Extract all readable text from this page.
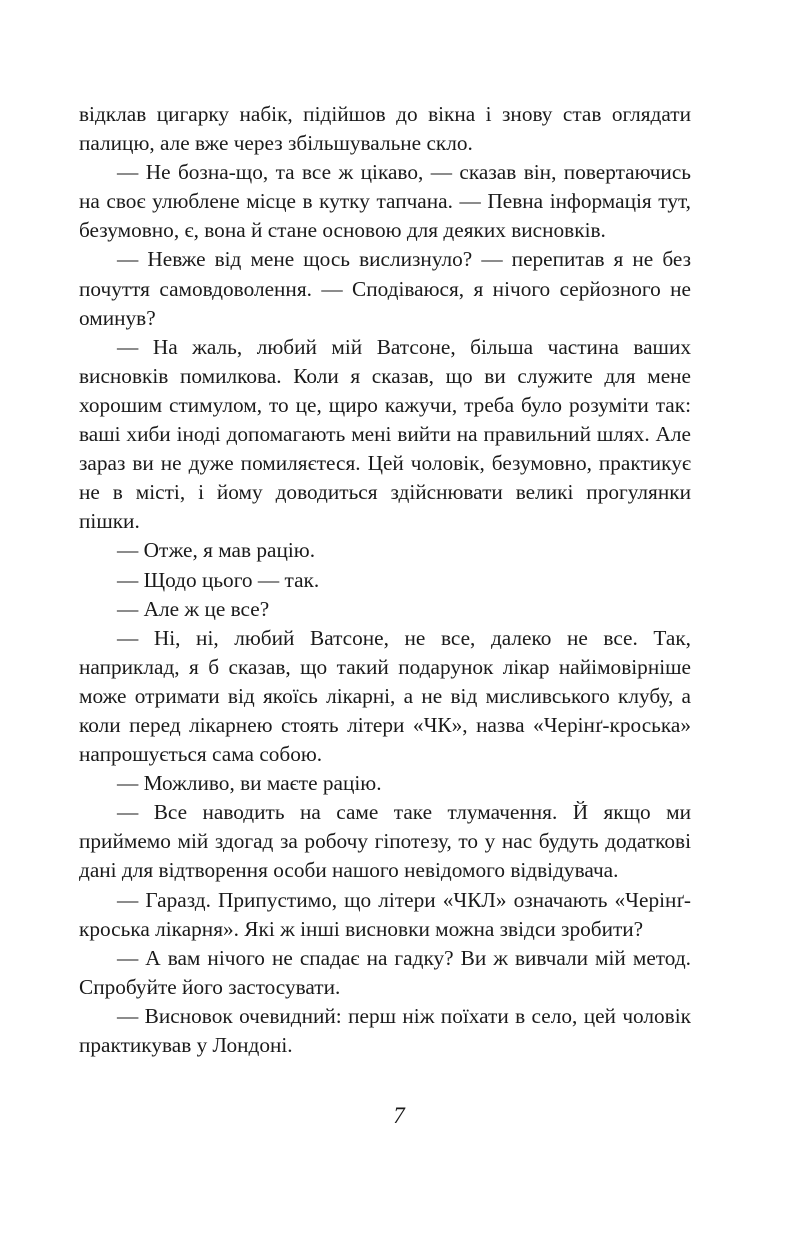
відклав цигарку набік, підійшов до вікна і знову став оглядати палицю, але вже через збільшувальне скло.

— Не бозна-що, та все ж цікаво, — сказав він, повертаючись на своє улюблене місце в кутку тапчана. — Певна інформація тут, безумовно, є, вона й стане основою для деяких висновків.

— Невже від мене щось вислизнуло? — перепитав я не без почуття самовдоволення. — Сподіваюся, я нічого серйозного не оминув?

— На жаль, любий мій Ватсоне, більша частина ваших висновків помилкова. Коли я сказав, що ви служите для мене хорошим стимулом, то це, щиро кажучи, треба було розуміти так: ваші хиби іноді допомагають мені вийти на правильний шлях. Але зараз ви не дуже помиляєтеся. Цей чоловік, безумовно, практикує не в місті, і йому доводиться здійснювати великі прогулянки пішки.

— Отже, я мав рацію.

— Щодо цього — так.

— Але ж це все?

— Ні, ні, любий Ватсоне, не все, далеко не все. Так, наприклад, я б сказав, що такий подарунок лікар найімовірніше може отримати від якоїсь лікарні, а не від мисливського клубу, а коли перед лікарнею стоять літери «ЧК», назва «Черінґ-кроська» напрошується сама собою.

— Можливо, ви маєте рацію.

— Все наводить на саме таке тлумачення. Й якщо ми приймемо мій здогад за робочу гіпотезу, то у нас будуть додаткові дані для відтворення особи нашого невідомого відвідувача.

— Гаразд. Припустимо, що літери «ЧКЛ» означають «Черінґ-кроська лікарня». Які ж інші висновки можна звідси зробити?

— А вам нічого не спадає на гадку? Ви ж вивчали мій метод. Спробуйте його застосувати.

— Висновок очевидний: перш ніж поїхати в село, цей чоловік практикував у Лондоні.

7
